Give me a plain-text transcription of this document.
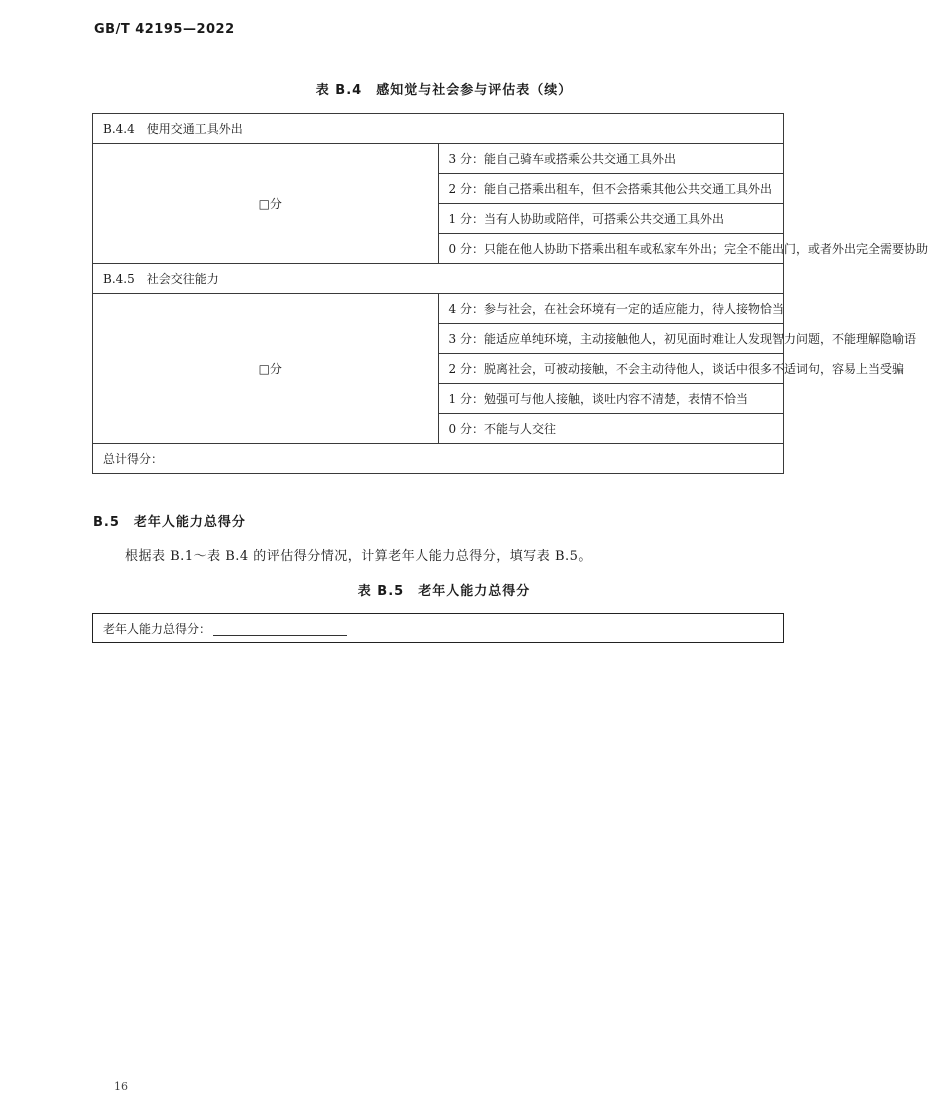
GB/T 42195—2022
表 B.4　感知觉与社会参与评估表（续）
B.4.4 使用交通工具外出	
□分	3 分：能自己骑车或搭乘公共交通工具外出
	2 分：能自己搭乘出租车，但不会搭乘其他公共交通工具外出
	1 分：当有人协助或陪伴，可搭乘公共交通工具外出
	0 分：只能在他人协助下搭乘出租车或私家车外出；完全不能出门，或者外出完全需要协助
B.4.5 社会交往能力	
□分	4 分：参与社会，在社会环境有一定的适应能力，待人接物恰当
	3 分：能适应单纯环境，主动接触他人，初见面时难让人发现智力问题，不能理解隐喻语
	2 分：脱离社会，可被动接触，不会主动待他人，谈话中很多不适词句，容易上当受骗
	1 分：勉强可与他人接触，谈吐内容不清楚，表情不恰当
	0 分：不能与人交往
总计得分：	
B.5 老年人能力总得分
根据表 B.1～表 B.4 的评估得分情况，计算老年人能力总得分，填写表 B.5。
表 B.5　老年人能力总得分
老年人能力总得分：
16
